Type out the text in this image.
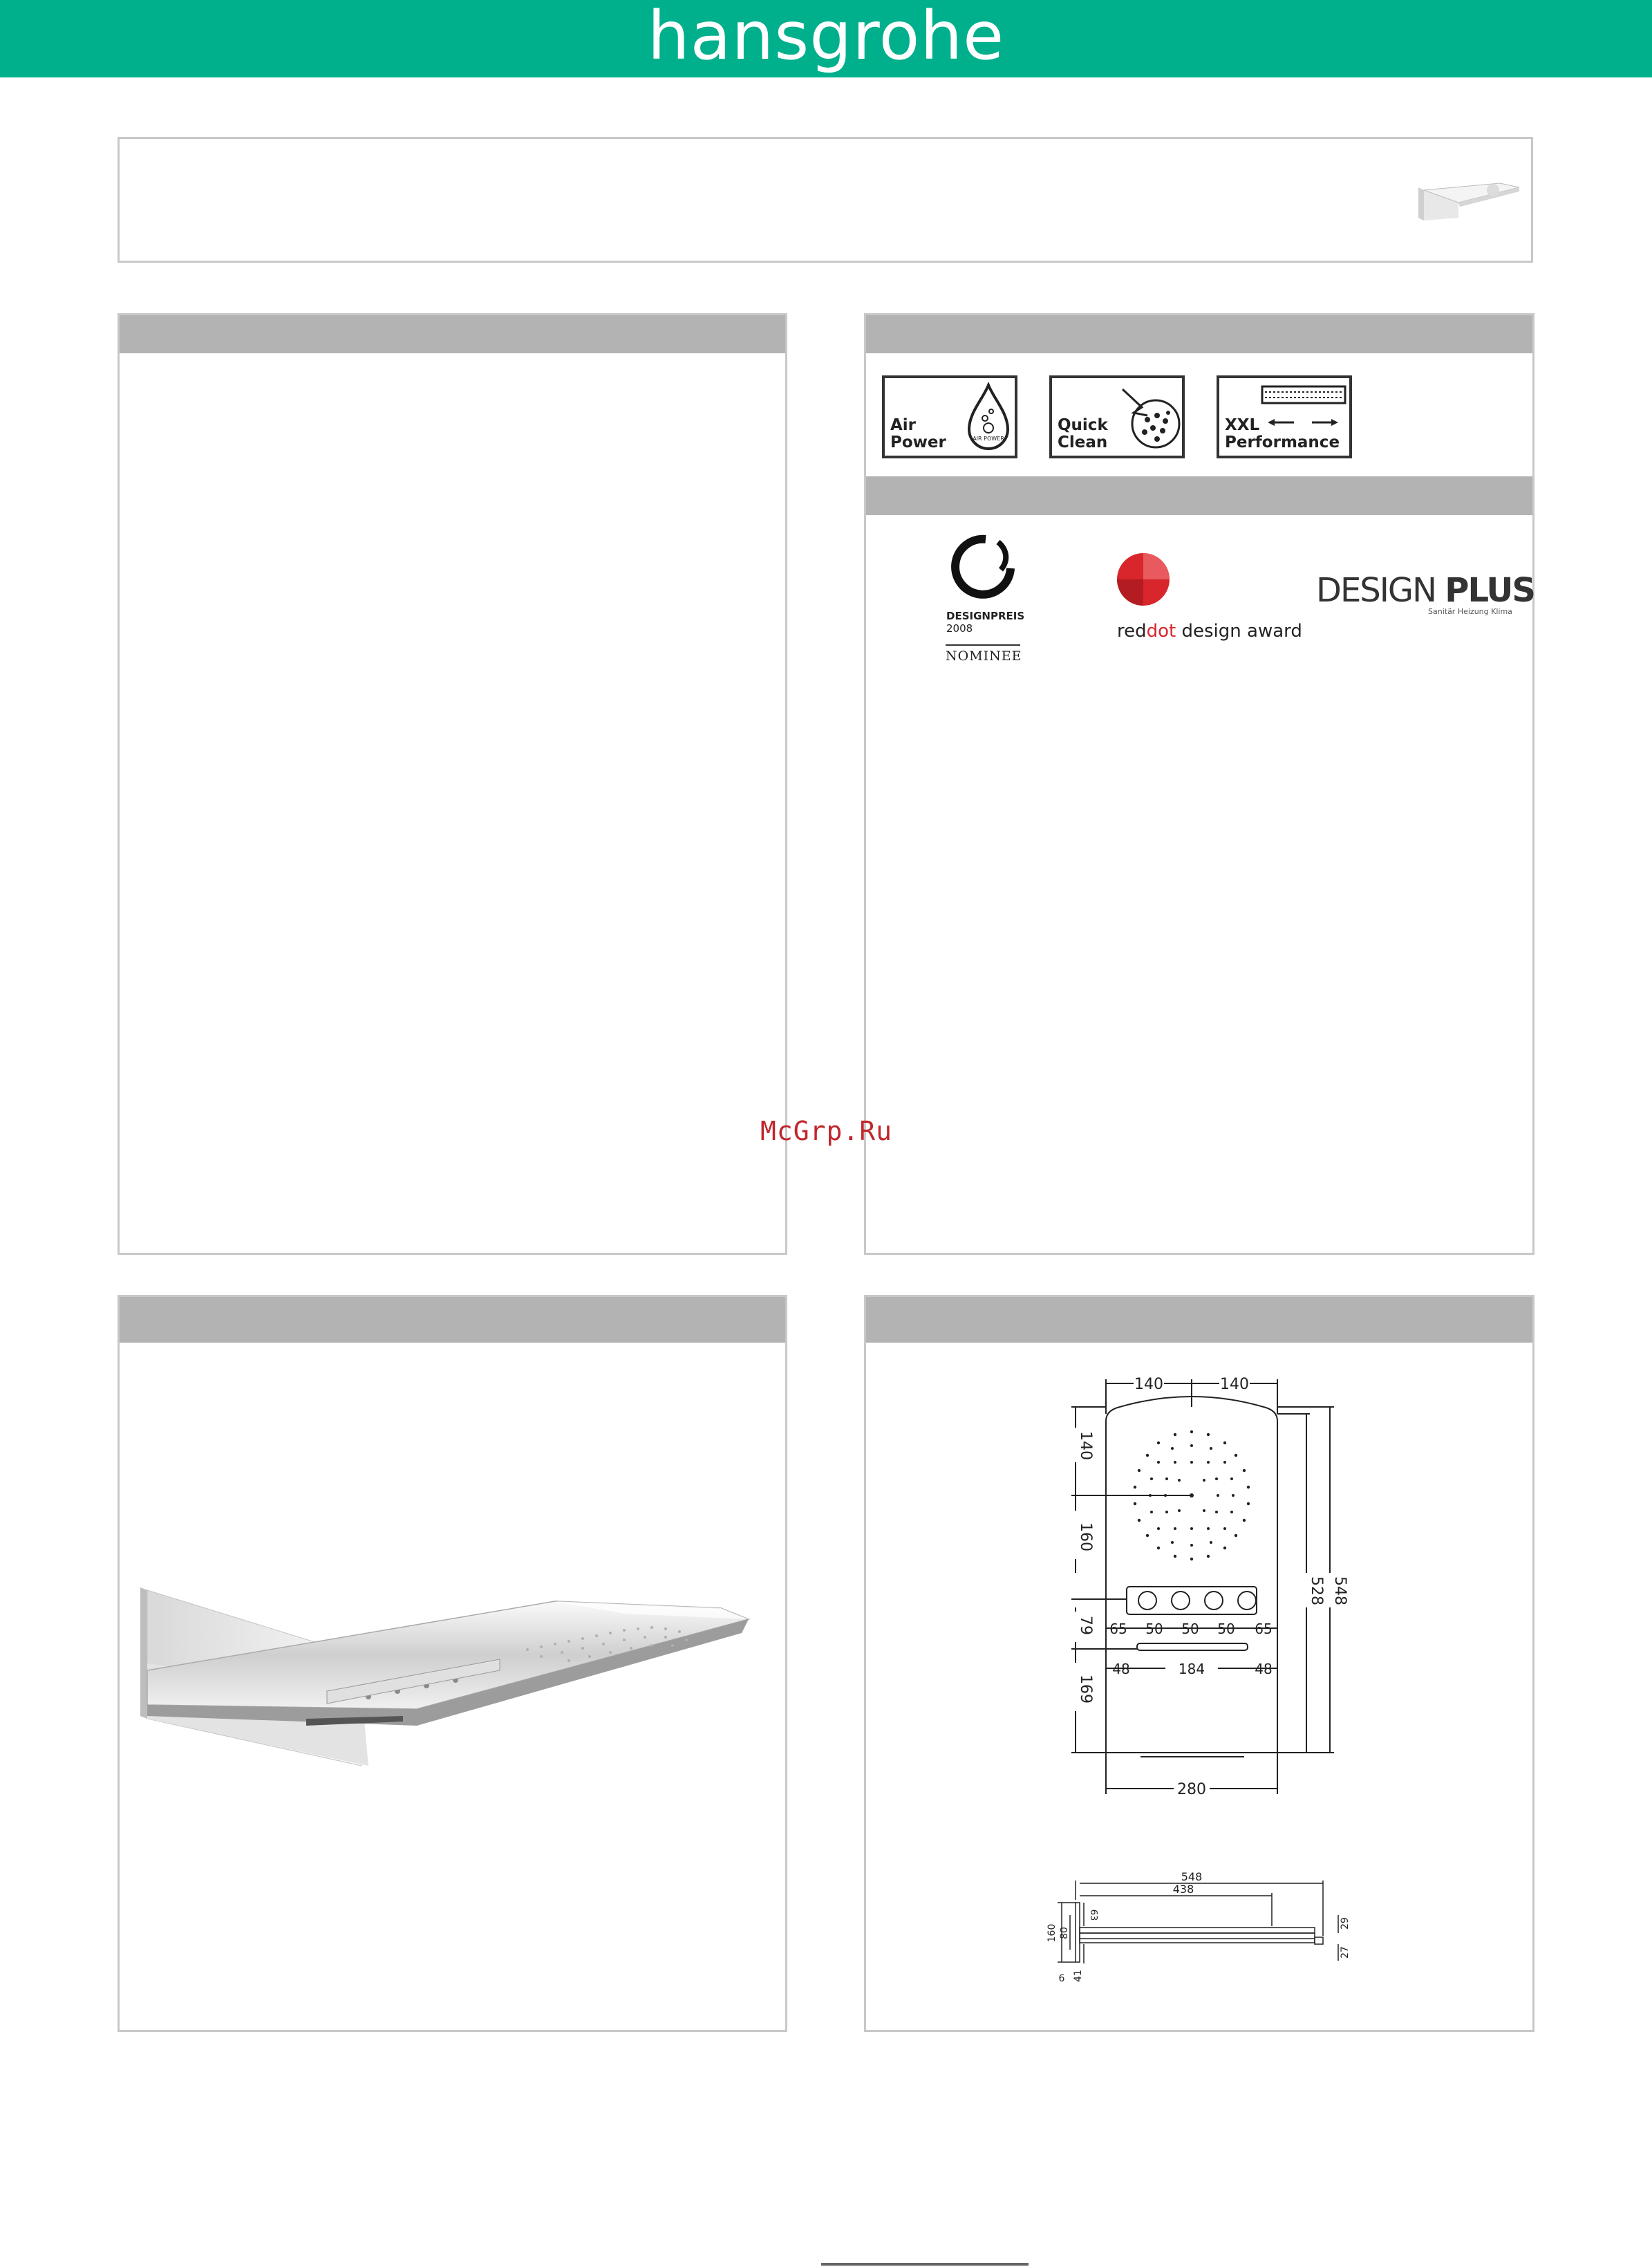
hansgrohe
Air
Power	AIR POWER
Quick
Clean
XXL
Performance
DESIGNPREIS
2008
NOMINEE
reddot design award
DESIGN PLUS
Sanitär Heizung Klima
McGrp.Ru
140	140
140
160
79
169
528 548
65 50 50 50 65
48	184	48
280
548
438
63
160 80
6 41
29
27
